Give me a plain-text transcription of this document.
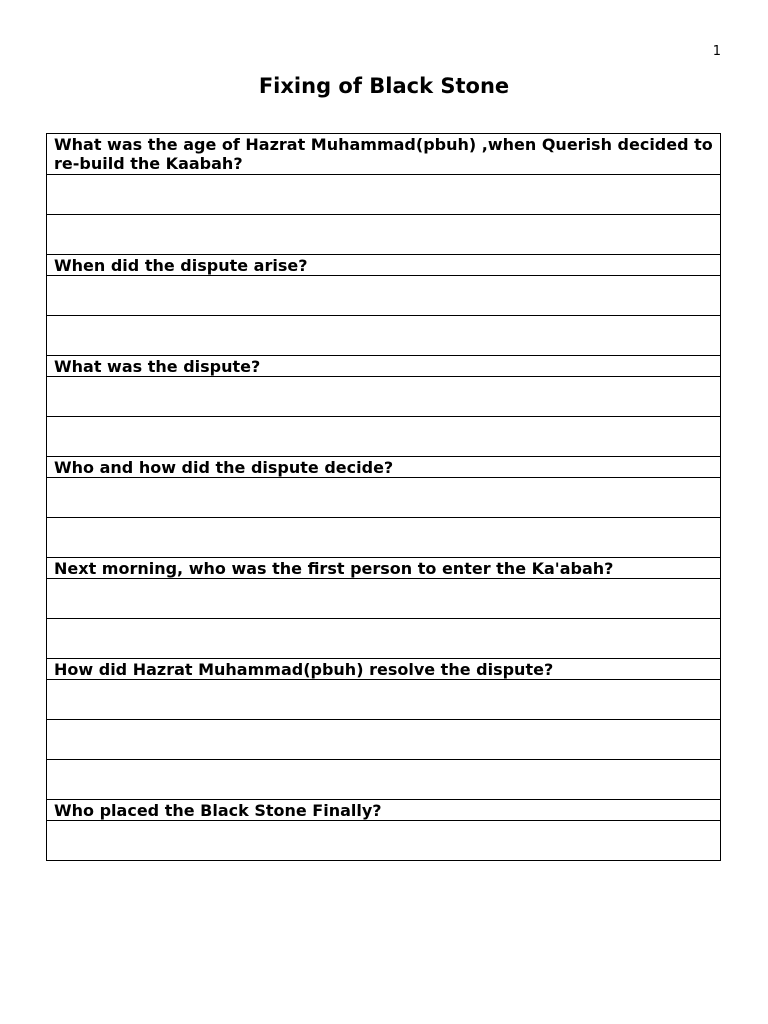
1
Fixing of Black Stone
What was the age of Hazrat Muhammad(pbuh) ,when Querish decided to re-build the Kaabah?

When did the dispute arise?

What was the dispute?

Who and how did the dispute decide?

Next morning, who was the first person to enter the Ka'abah?

How did Hazrat Muhammad(pbuh) resolve the dispute?

Who placed the Black Stone Finally?
